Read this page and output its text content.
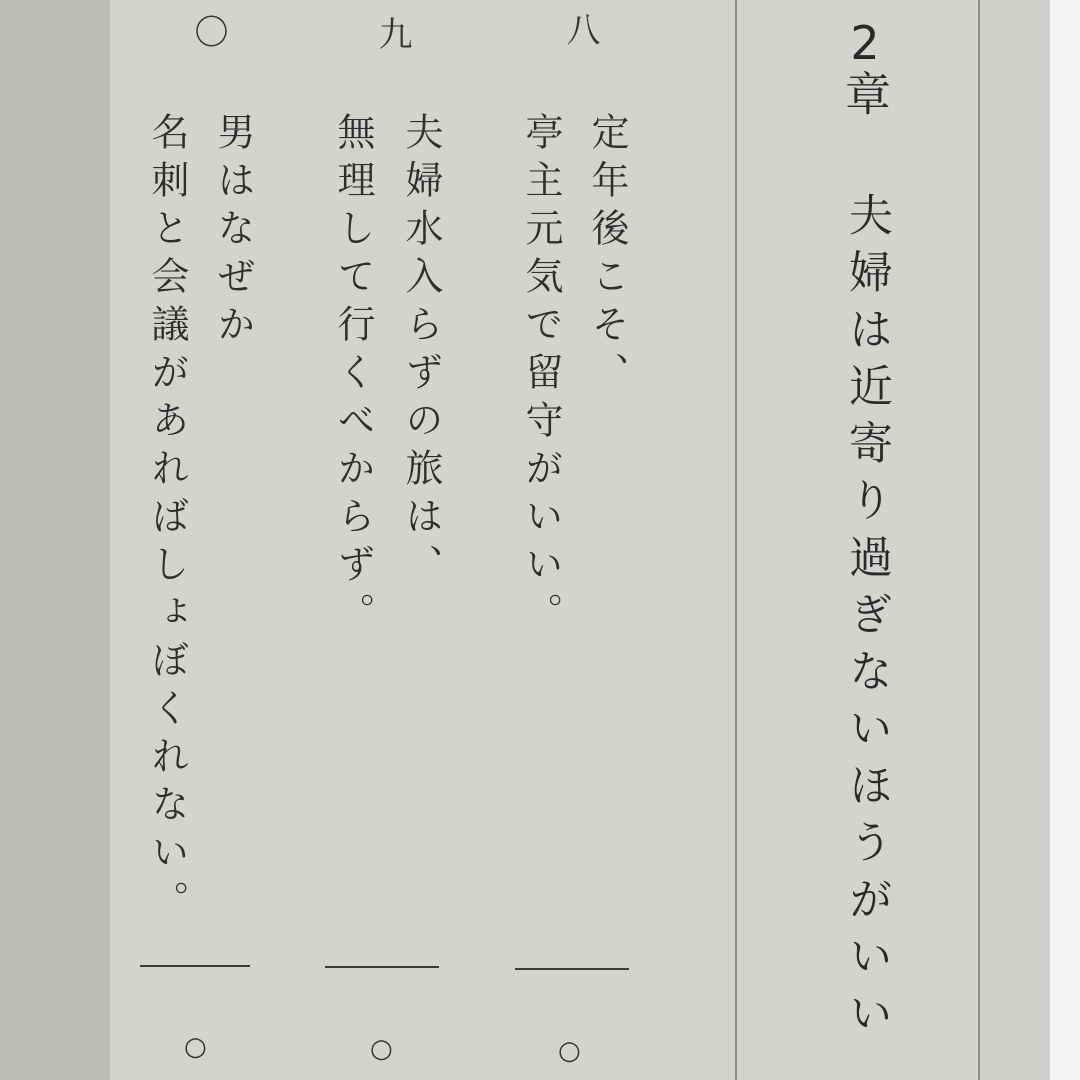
2章
夫婦は近寄り過ぎないほうがいい
八
定年後こそ、
亭主元気で留守がいい。
○
九
夫婦水入らずの旅は、
無理して行くべからず。
○
〇
男はなぜか
名刺と会議があればしょぼくれない。
○
